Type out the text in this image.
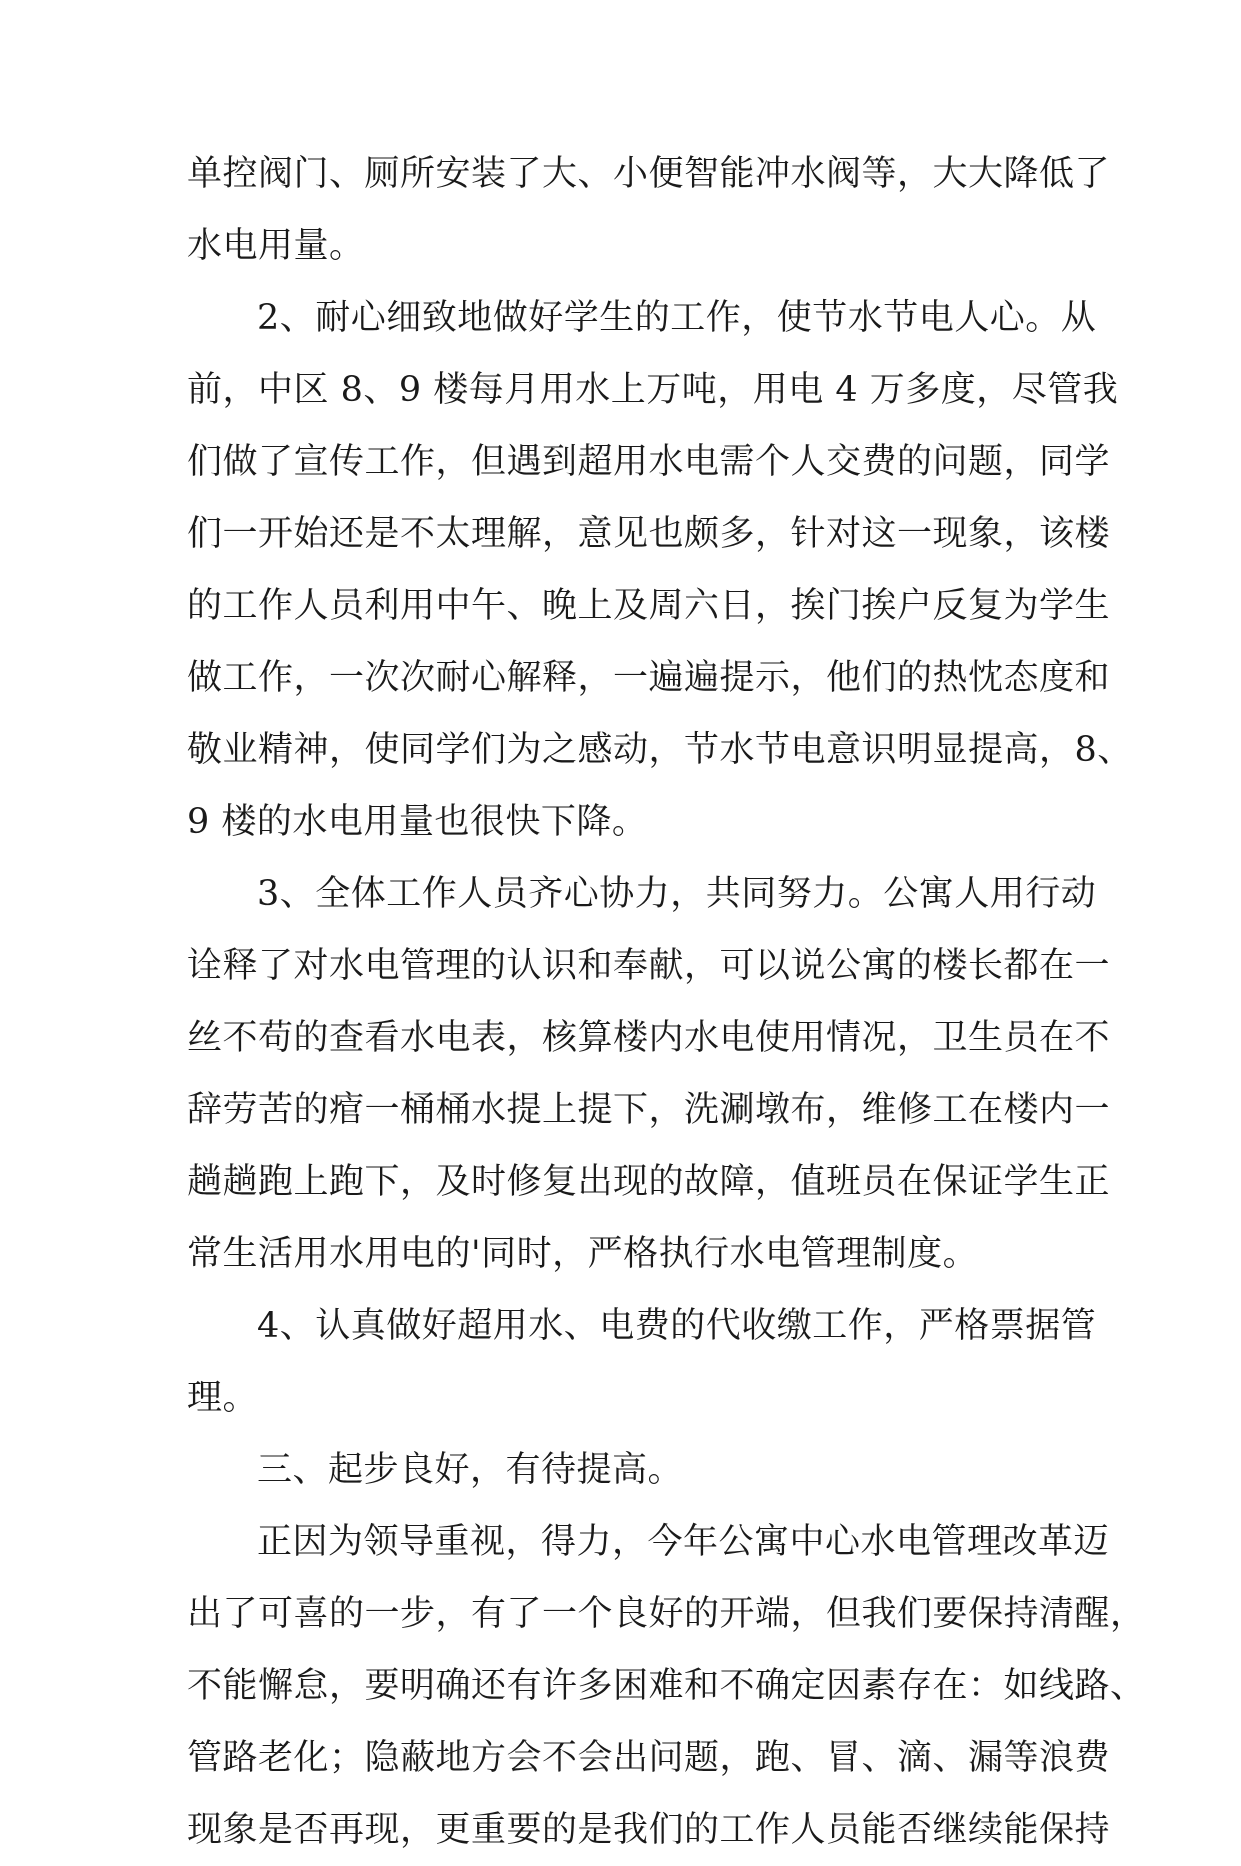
单控阀门、厕所安装了大、小便智能冲水阀等，大大降低了
水电用量。
2、耐心细致地做好学生的工作，使节水节电人心。从
前，中区 8、9 楼每月用水上万吨，用电 4 万多度，尽管我
们做了宣传工作，但遇到超用水电需个人交费的问题，同学
们一开始还是不太理解，意见也颇多，针对这一现象，该楼
的工作人员利用中午、晚上及周六日，挨门挨户反复为学生
做工作，一次次耐心解释，一遍遍提示，他们的热忱态度和
敬业精神，使同学们为之感动，节水节电意识明显提高，8、
9 楼的水电用量也很快下降。
3、全体工作人员齐心协力，共同努力。公寓人用行动
诠释了对水电管理的认识和奉献，可以说公寓的楼长都在一
丝不苟的查看水电表，核算楼内水电使用情况，卫生员在不
辞劳苦的痯一桶桶水提上提下，洗涮墩布，维修工在楼内一
趟趟跑上跑下，及时修复出现的故障，值班员在保证学生正
常生活用水用电的'同时，严格执行水电管理制度。
4、认真做好超用水、电费的代收缴工作，严格票据管
理。
三、起步良好，有待提高。
正因为领导重视，得力，今年公寓中心水电管理改革迈
出了可喜的一步，有了一个良好的开端，但我们要保持清醒，
不能懈怠，要明确还有许多困难和不确定因素存在：如线路、
管路老化；隐蔽地方会不会出问题，跑、冒、滴、漏等浪费
现象是否再现，更重要的是我们的工作人员能否继续能保持
